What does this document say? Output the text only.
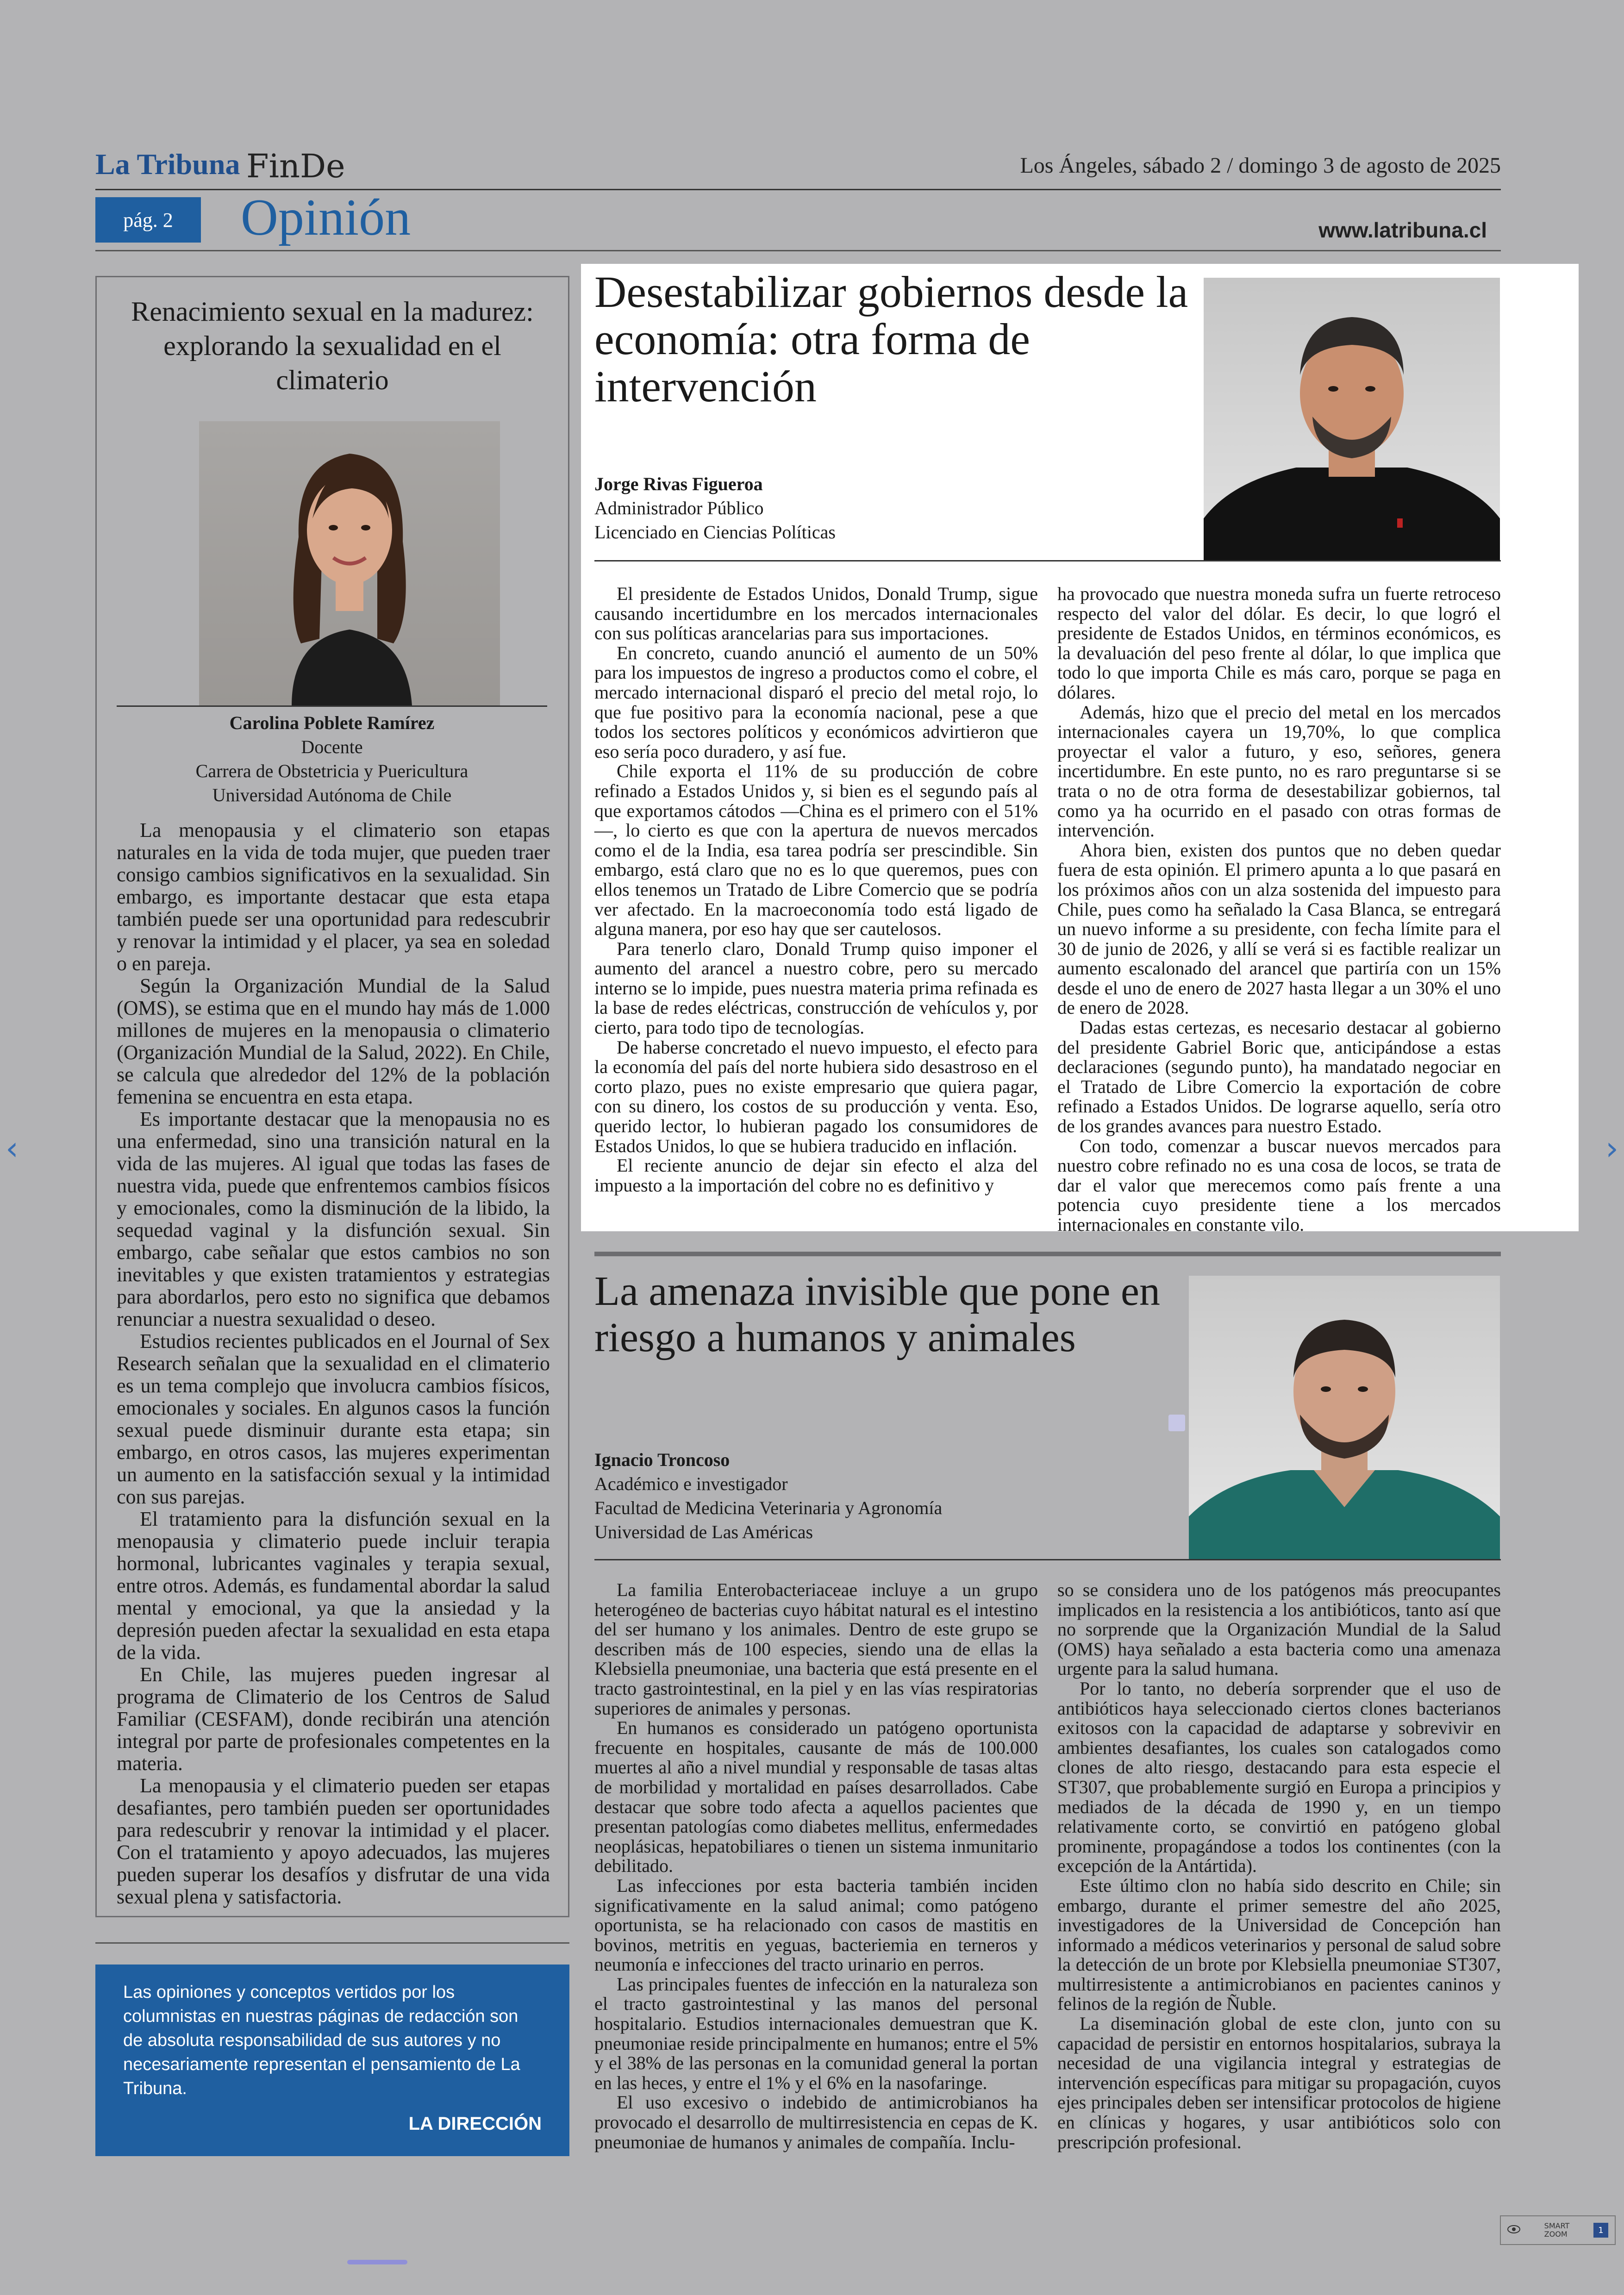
La Tribuna FinDe	Los Ángeles, sábado 2 / domingo 3 de agosto de 2025
pág. 2	Opinión	www.latribuna.cl
Renacimiento sexual en la madurez: explorando la sexualidad en el climaterio
Carolina Poblete Ramírez
Docente
Carrera de Obstetricia y Puericultura
Universidad Autónoma de Chile

La menopausia y el climaterio son etapas naturales en la vida de toda mujer, que pueden traer consigo cambios significativos en la sexualidad. Sin embargo, es importante destacar que esta etapa también puede ser una oportunidad para redescubrir y renovar la intimidad y el placer, ya sea en soledad o en pareja.

Según la Organización Mundial de la Salud (OMS), se estima que en el mundo hay más de 1.000 millones de mujeres en la menopausia o climaterio (Organización Mundial de la Salud, 2022). En Chile, se calcula que alrededor del 12% de la población femenina se encuentra en esta etapa.

Es importante destacar que la menopausia no es una enfermedad, sino una transición natural en la vida de las mujeres. Al igual que todas las fases de nuestra vida, puede que enfrentemos cambios físicos y emocionales, como la disminución de la libido, la sequedad vaginal y la disfunción sexual. Sin embargo, cabe señalar que estos cambios no son inevitables y que existen tratamientos y estrategias para abordarlos, pero esto no significa que debamos renunciar a nuestra sexualidad o deseo.

Estudios recientes publicados en el Journal of Sex Research señalan que la sexualidad en el climaterio es un tema complejo que involucra cambios físicos, emocionales y sociales. En algunos casos la función sexual puede disminuir durante esta etapa; sin embargo, en otros casos, las mujeres experimentan un aumento en la satisfacción sexual y la intimidad con sus parejas.

El tratamiento para la disfunción sexual en la menopausia y climaterio puede incluir terapia hormonal, lubricantes vaginales y terapia sexual, entre otros. Además, es fundamental abordar la salud mental y emocional, ya que la ansiedad y la depresión pueden afectar la sexualidad en esta etapa de la vida.

En Chile, las mujeres pueden ingresar al programa de Climaterio de los Centros de Salud Familiar (CESFAM), donde recibirán una atención integral por parte de profesionales competentes en la materia.

La menopausia y el climaterio pueden ser etapas desafiantes, pero también pueden ser oportunidades para redescubrir y renovar la intimidad y el placer. Con el tratamiento y apoyo adecuados, las mujeres pueden superar los desafíos y disfrutar de una vida sexual plena y satisfactoria.

Las opiniones y conceptos vertidos por los columnistas en nuestras páginas de redacción son de absoluta responsabilidad de sus autores y no necesariamente representan el pensamiento de La Tribuna.
LA DIRECCIÓN
Desestabilizar gobiernos desde la economía: otra forma de intervención
Jorge Rivas Figueroa
Administrador Público
Licenciado en Ciencias Políticas

El presidente de Estados Unidos, Donald Trump, sigue causando incertidumbre en los mercados internacionales con sus políticas arancelarias para sus importaciones.

En concreto, cuando anunció el aumento de un 50% para los impuestos de ingreso a productos como el cobre, el mercado internacional disparó el precio del metal rojo, lo que fue positivo para la economía nacional, pese a que todos los sectores políticos y económicos advirtieron que eso sería poco duradero, y así fue.

Chile exporta el 11% de su producción de cobre refinado a Estados Unidos y, si bien es el segundo país al que exportamos cátodos —China es el primero con el 51%—, lo cierto es que con la apertura de nuevos mercados como el de la India, esa tarea podría ser prescindible. Sin embargo, está claro que no es lo que queremos, pues con ellos tenemos un Tratado de Libre Comercio que se podría ver afectado. En la macroeconomía todo está ligado de alguna manera, por eso hay que ser cautelosos.

Para tenerlo claro, Donald Trump quiso imponer el aumento del arancel a nuestro cobre, pero su mercado interno se lo impide, pues nuestra materia prima refinada es la base de redes eléctricas, construcción de vehículos y, por cierto, para todo tipo de tecnologías.

De haberse concretado el nuevo impuesto, el efecto para la economía del país del norte hubiera sido desastroso en el corto plazo, pues no existe empresario que quiera pagar, con su dinero, los costos de su producción y venta. Eso, querido lector, lo hubieran pagado los consumidores de Estados Unidos, lo que se hubiera traducido en inflación.

El reciente anuncio de dejar sin efecto el alza del impuesto a la importación del cobre no es definitivo y

ha provocado que nuestra moneda sufra un fuerte retroceso respecto del valor del dólar. Es decir, lo que logró el presidente de Estados Unidos, en términos económicos, es la devaluación del peso frente al dólar, lo que implica que todo lo que importa Chile es más caro, porque se paga en dólares.

Además, hizo que el precio del metal en los mercados internacionales cayera un 19,70%, lo que complica proyectar el valor a futuro, y eso, señores, genera incertidumbre. En este punto, no es raro preguntarse si se trata o no de otra forma de desestabilizar gobiernos, tal como ya ha ocurrido en el pasado con otras formas de intervención.

Ahora bien, existen dos puntos que no deben quedar fuera de esta opinión. El primero apunta a lo que pasará en los próximos años con un alza sostenida del impuesto para Chile, pues como ha señalado la Casa Blanca, se entregará un nuevo informe a su presidente, con fecha límite para el 30 de junio de 2026, y allí se verá si es factible realizar un aumento escalonado del arancel que partiría con un 15% desde el uno de enero de 2027 hasta llegar a un 30% el uno de enero de 2028.

Dadas estas certezas, es necesario destacar al gobierno del presidente Gabriel Boric que, anticipándose a estas declaraciones (segundo punto), ha mandatado negociar en el Tratado de Libre Comercio la exportación de cobre refinado a Estados Unidos. De lograrse aquello, sería otro de los grandes avances para nuestro Estado.

Con todo, comenzar a buscar nuevos mercados para nuestro cobre refinado no es una cosa de locos, se trata de dar el valor que merecemos como país frente a una potencia cuyo presidente tiene a los mercados internacionales en constante vilo.

La amenaza invisible que pone en riesgo a humanos y animales
Ignacio Troncoso
Académico e investigador
Facultad de Medicina Veterinaria y Agronomía
Universidad de Las Américas

La familia Enterobacteriaceae incluye a un grupo heterogéneo de bacterias cuyo hábitat natural es el intestino del ser humano y los animales. Dentro de este grupo se describen más de 100 especies, siendo una de ellas la Klebsiella pneumoniae, una bacteria que está presente en el tracto gastrointestinal, en la piel y en las vías respiratorias superiores de animales y personas.

En humanos es considerado un patógeno oportunista frecuente en hospitales, causante de más de 100.000 muertes al año a nivel mundial y responsable de tasas altas de morbilidad y mortalidad en países desarrollados. Cabe destacar que sobre todo afecta a aquellos pacientes que presentan patologías como diabetes mellitus, enfermedades neoplásicas, hepatobiliares o tienen un sistema inmunitario debilitado.

Las infecciones por esta bacteria también inciden significativamente en la salud animal; como patógeno oportunista, se ha relacionado con casos de mastitis en bovinos, metritis en yeguas, bacteriemia en terneros y neumonía e infecciones del tracto urinario en perros.

Las principales fuentes de infección en la naturaleza son el tracto gastrointestinal y las manos del personal hospitalario. Estudios internacionales demuestran que K. pneumoniae reside principalmente en humanos; entre el 5% y el 38% de las personas en la comunidad general la portan en las heces, y entre el 1% y el 6% en la nasofaringe.

El uso excesivo o indebido de antimicrobianos ha provocado el desarrollo de multirresistencia en cepas de K. pneumoniae de humanos y animales de compañía. Inclu-

so se considera uno de los patógenos más preocupantes implicados en la resistencia a los antibióticos, tanto así que no sorprende que la Organización Mundial de la Salud (OMS) haya señalado a esta bacteria como una amenaza urgente para la salud humana.

Por lo tanto, no debería sorprender que el uso de antibióticos haya seleccionado ciertos clones bacterianos exitosos con la capacidad de adaptarse y sobrevivir en ambientes desafiantes, los cuales son catalogados como clones de alto riesgo, destacando para esta especie el ST307, que probablemente surgió en Europa a principios y mediados de la década de 1990 y, en un tiempo relativamente corto, se convirtió en patógeno global prominente, propagándose a todos los continentes (con la excepción de la Antártida).

Este último clon no había sido descrito en Chile; sin embargo, durante el primer semestre del año 2025, investigadores de la Universidad de Concepción han informado a médicos veterinarios y personal de salud sobre la detección de un brote por Klebsiella pneumoniae ST307, multirresistente a antimicrobianos en pacientes caninos y felinos de la región de Ñuble.

La diseminación global de este clon, junto con su capacidad de persistir en entornos hospitalarios, subraya la necesidad de una vigilancia integral y estrategias de intervención específicas para mitigar su propagación, cuyos ejes principales deben ser intensificar protocolos de higiene en clínicas y hogares, y usar antibióticos solo con prescripción profesional.

‹	›
SMART
ZOOM	1
